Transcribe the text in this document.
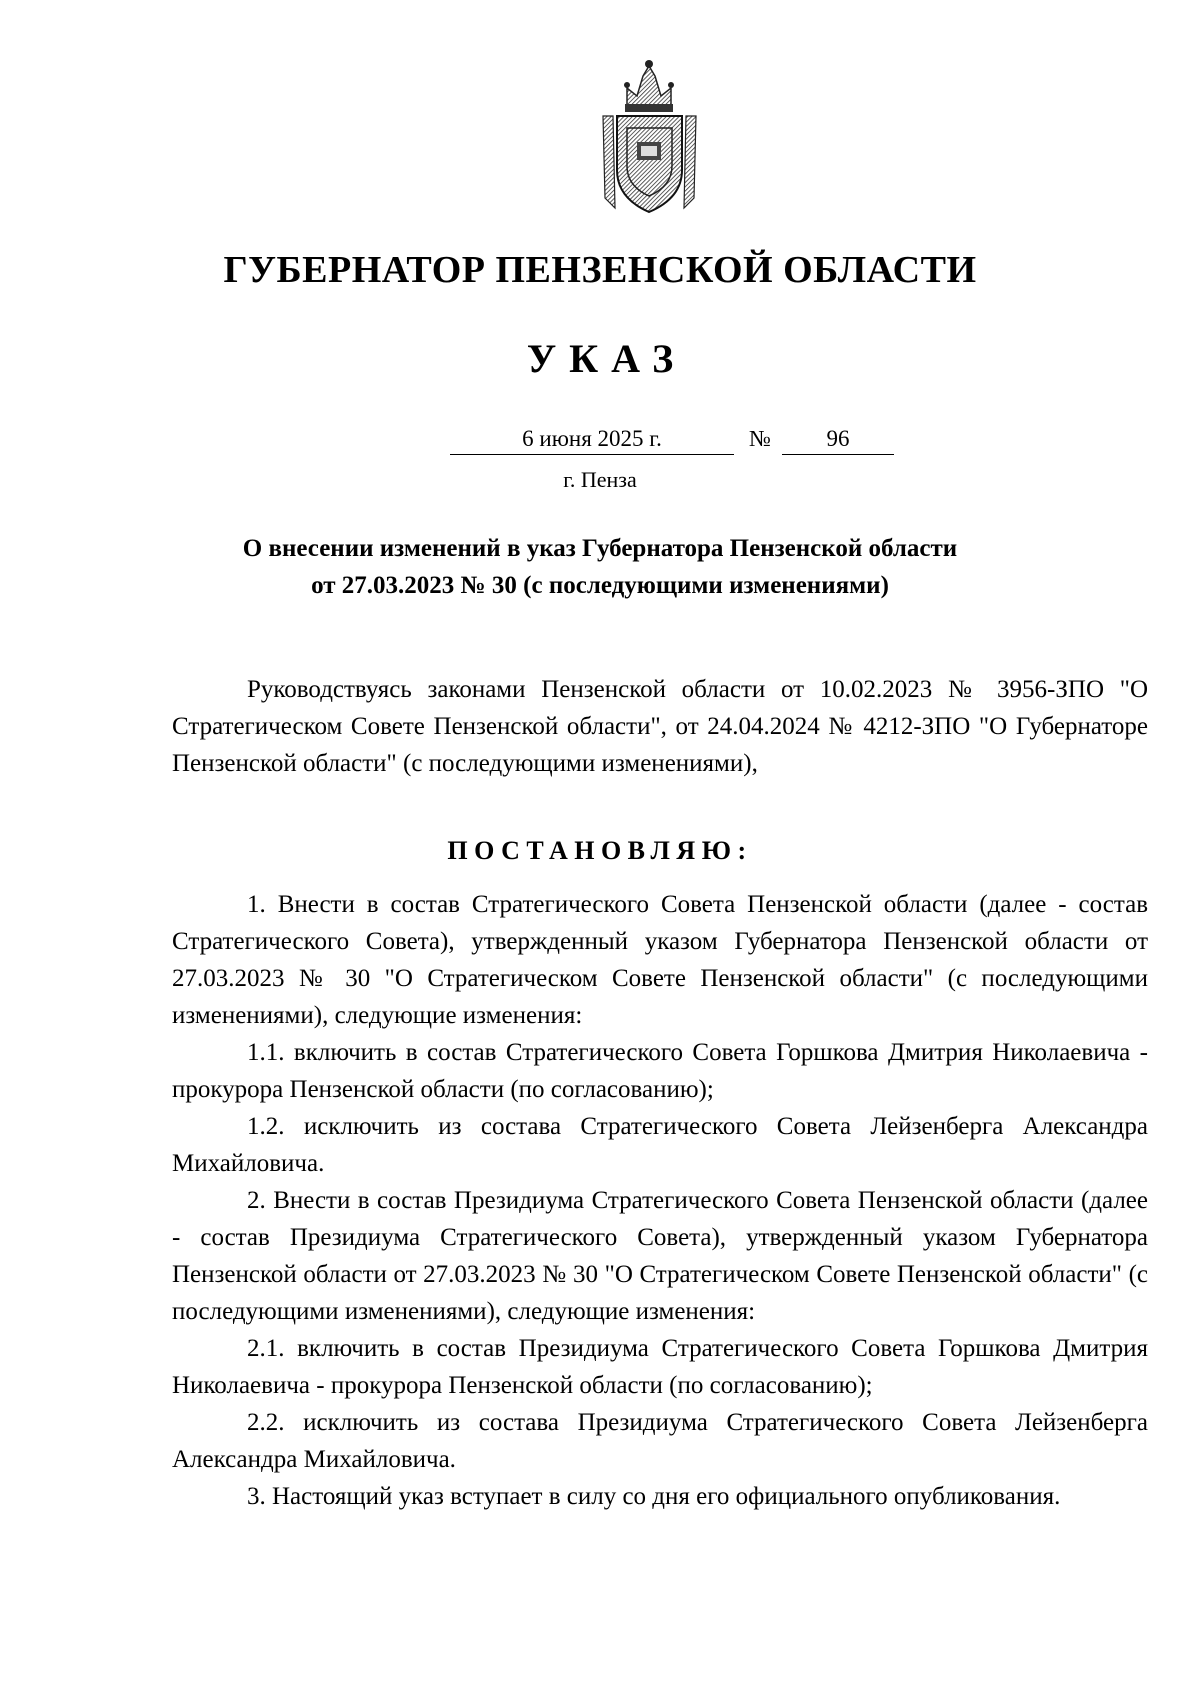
ГУБЕРНАТОР ПЕНЗЕНСКОЙ ОБЛАСТИ
УКАЗ
6 июня 2025 г.	№	96
г. Пенза
О внесении изменений в указ Губернатора Пензенской области
от 27.03.2023 № 30 (с последующими изменениями)

Руководствуясь законами Пензенской области от 10.02.2023 № 3956-ЗПО "О Стратегическом Совете Пензенской области", от 24.04.2024 № 4212-ЗПО "О Губернаторе Пензенской области" (с последующими изменениями),

ПОСТАНОВЛЯЮ:

1. Внести в состав Стратегического Совета Пензенской области (далее - состав Стратегического Совета), утвержденный указом Губернатора Пензенской области от 27.03.2023 № 30 "О Стратегическом Совете Пензенской области" (с последующими изменениями), следующие изменения:

1.1. включить в состав Стратегического Совета Горшкова Дмитрия Николаевича - прокурора Пензенской области (по согласованию);

1.2. исключить из состава Стратегического Совета Лейзенберга Александра Михайловича.

2. Внести в состав Президиума Стратегического Совета Пензенской области (далее - состав Президиума Стратегического Совета), утвержденный указом Губернатора Пензенской области от 27.03.2023 № 30 "О Стратегическом Совете Пензенской области" (с последующими изменениями), следующие изменения:

2.1. включить в состав Президиума Стратегического Совета Горшкова Дмитрия Николаевича - прокурора Пензенской области (по согласованию);

2.2. исключить из состава Президиума Стратегического Совета Лейзенберга Александра Михайловича.

3. Настоящий указ вступает в силу со дня его официального опубликования.
